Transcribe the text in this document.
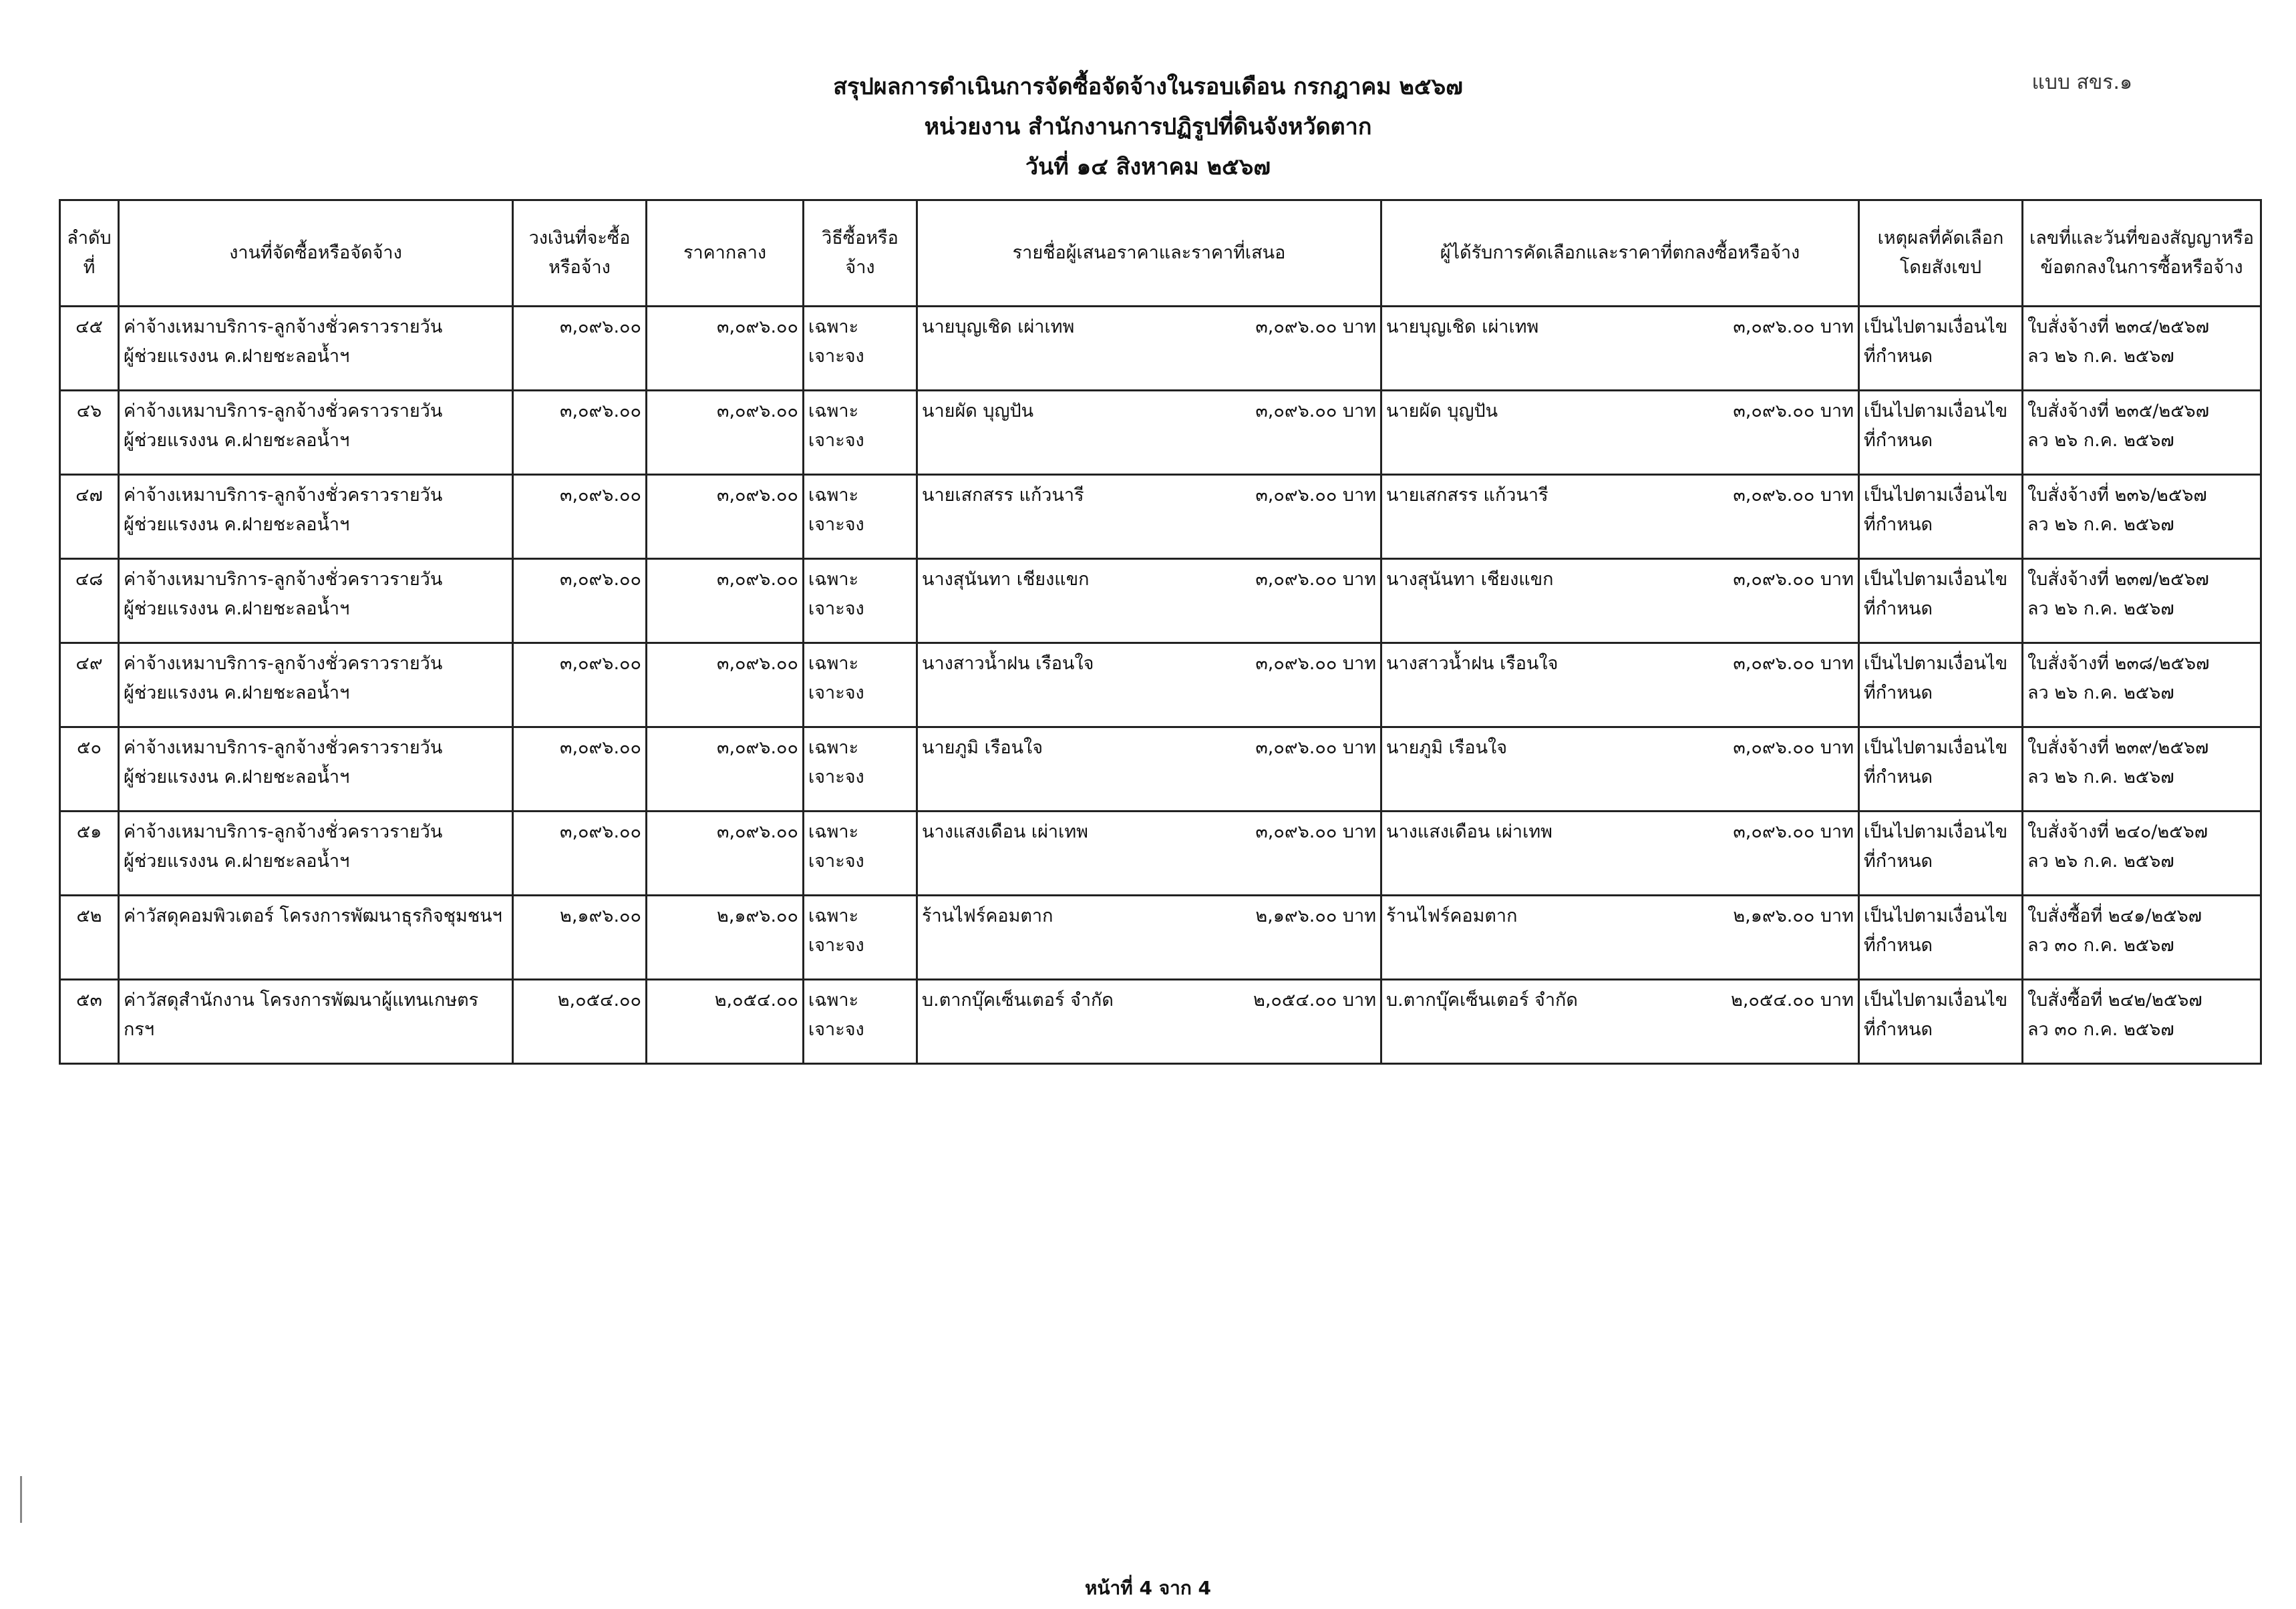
แบบ สขร.๑
สรุปผลการดำเนินการจัดซื้อจัดจ้างในรอบเดือน กรกฎาคม ๒๕๖๗
หน่วยงาน สำนักงานการปฏิรูปที่ดินจังหวัดตาก
วันที่ ๑๔ สิงหาคม ๒๕๖๗
ลำดับที่	งานที่จัดซื้อหรือจัดจ้าง	วงเงินที่จะซื้อหรือจ้าง	ราคากลาง	วิธีซื้อหรือจ้าง	รายชื่อผู้เสนอราคาและราคาที่เสนอ	ผู้ได้รับการคัดเลือกและราคาที่ตกลงซื้อหรือจ้าง	เหตุผลที่คัดเลือกโดยสังเขป	เลขที่และวันที่ของสัญญาหรือข้อตกลงในการซื้อหรือจ้าง
๔๕	ค่าจ้างเหมาบริการ-ลูกจ้างชั่วคราวรายวัน
ผู้ช่วยแรงงน ค.ฝายชะลอน้ำฯ	๓,๐๙๖.๐๐	๓,๐๙๖.๐๐	เฉพาะเจาะจง	นายบุญเชิด เผ่าเทพ ๓,๐๙๖.๐๐ บาท	นายบุญเชิด เผ่าเทพ ๓,๐๙๖.๐๐ บาท	เป็นไปตามเงื่อนไข
ที่กำหนด	ใบสั่งจ้างที่ ๒๓๔/๒๕๖๗
ลว ๒๖ ก.ค. ๒๕๖๗

๔๖	ค่าจ้างเหมาบริการ-ลูกจ้างชั่วคราวรายวัน
ผู้ช่วยแรงงน ค.ฝายชะลอน้ำฯ	๓,๐๙๖.๐๐	๓,๐๙๖.๐๐	เฉพาะเจาะจง	นายผัด บุญปัน ๓,๐๙๖.๐๐ บาท	นายผัด บุญปัน ๓,๐๙๖.๐๐ บาท	เป็นไปตามเงื่อนไข
ที่กำหนด	ใบสั่งจ้างที่ ๒๓๕/๒๕๖๗
ลว ๒๖ ก.ค. ๒๕๖๗

๔๗	ค่าจ้างเหมาบริการ-ลูกจ้างชั่วคราวรายวัน
ผู้ช่วยแรงงน ค.ฝายชะลอน้ำฯ	๓,๐๙๖.๐๐	๓,๐๙๖.๐๐	เฉพาะเจาะจง	นายเสกสรร แก้วนารี ๓,๐๙๖.๐๐ บาท	นายเสกสรร แก้วนารี ๓,๐๙๖.๐๐ บาท	เป็นไปตามเงื่อนไข
ที่กำหนด	ใบสั่งจ้างที่ ๒๓๖/๒๕๖๗
ลว ๒๖ ก.ค. ๒๕๖๗

๔๘	ค่าจ้างเหมาบริการ-ลูกจ้างชั่วคราวรายวัน
ผู้ช่วยแรงงน ค.ฝายชะลอน้ำฯ	๓,๐๙๖.๐๐	๓,๐๙๖.๐๐	เฉพาะเจาะจง	นางสุนันทา เชียงแขก ๓,๐๙๖.๐๐ บาท	นางสุนันทา เชียงแขก ๓,๐๙๖.๐๐ บาท	เป็นไปตามเงื่อนไข
ที่กำหนด	ใบสั่งจ้างที่ ๒๓๗/๒๕๖๗
ลว ๒๖ ก.ค. ๒๕๖๗

๔๙	ค่าจ้างเหมาบริการ-ลูกจ้างชั่วคราวรายวัน
ผู้ช่วยแรงงน ค.ฝายชะลอน้ำฯ	๓,๐๙๖.๐๐	๓,๐๙๖.๐๐	เฉพาะเจาะจง	นางสาวน้ำฝน เรือนใจ ๓,๐๙๖.๐๐ บาท	นางสาวน้ำฝน เรือนใจ ๓,๐๙๖.๐๐ บาท	เป็นไปตามเงื่อนไข
ที่กำหนด	ใบสั่งจ้างที่ ๒๓๘/๒๕๖๗
ลว ๒๖ ก.ค. ๒๕๖๗

๕๐	ค่าจ้างเหมาบริการ-ลูกจ้างชั่วคราวรายวัน
ผู้ช่วยแรงงน ค.ฝายชะลอน้ำฯ	๓,๐๙๖.๐๐	๓,๐๙๖.๐๐	เฉพาะเจาะจง	นายภูมิ เรือนใจ ๓,๐๙๖.๐๐ บาท	นายภูมิ เรือนใจ ๓,๐๙๖.๐๐ บาท	เป็นไปตามเงื่อนไข
ที่กำหนด	ใบสั่งจ้างที่ ๒๓๙/๒๕๖๗
ลว ๒๖ ก.ค. ๒๕๖๗

๕๑	ค่าจ้างเหมาบริการ-ลูกจ้างชั่วคราวรายวัน
ผู้ช่วยแรงงน ค.ฝายชะลอน้ำฯ	๓,๐๙๖.๐๐	๓,๐๙๖.๐๐	เฉพาะเจาะจง	นางแสงเดือน เผ่าเทพ ๓,๐๙๖.๐๐ บาท	นางแสงเดือน เผ่าเทพ ๓,๐๙๖.๐๐ บาท	เป็นไปตามเงื่อนไข
ที่กำหนด	ใบสั่งจ้างที่ ๒๔๐/๒๕๖๗
ลว ๒๖ ก.ค. ๒๕๖๗

๕๒	ค่าวัสดุคอมพิวเตอร์ โครงการพัฒนาธุรกิจชุมชนฯ	๒,๑๙๖.๐๐	๒,๑๙๖.๐๐	เฉพาะเจาะจง	ร้านไฟร์คอมตาก ๒,๑๙๖.๐๐ บาท	ร้านไฟร์คอมตาก ๒,๑๙๖.๐๐ บาท	เป็นไปตามเงื่อนไข
ที่กำหนด	ใบสั่งซื้อที่ ๒๔๑/๒๕๖๗
ลว ๓๐ ก.ค. ๒๕๖๗

๕๓	ค่าวัสดุสำนักงาน โครงการพัฒนาผู้แทนเกษตรกรฯ	๒,๐๕๔.๐๐	๒,๐๕๔.๐๐	เฉพาะเจาะจง	บ.ตากบุ๊คเซ็นเตอร์ จำกัด ๒,๐๕๔.๐๐ บาท	บ.ตากบุ๊คเซ็นเตอร์ จำกัด ๒,๐๕๔.๐๐ บาท	เป็นไปตามเงื่อนไข
ที่กำหนด	ใบสั่งซื้อที่ ๒๔๒/๒๕๖๗
ลว ๓๐ ก.ค. ๒๕๖๗
หน้าที่ 4 จาก 4
